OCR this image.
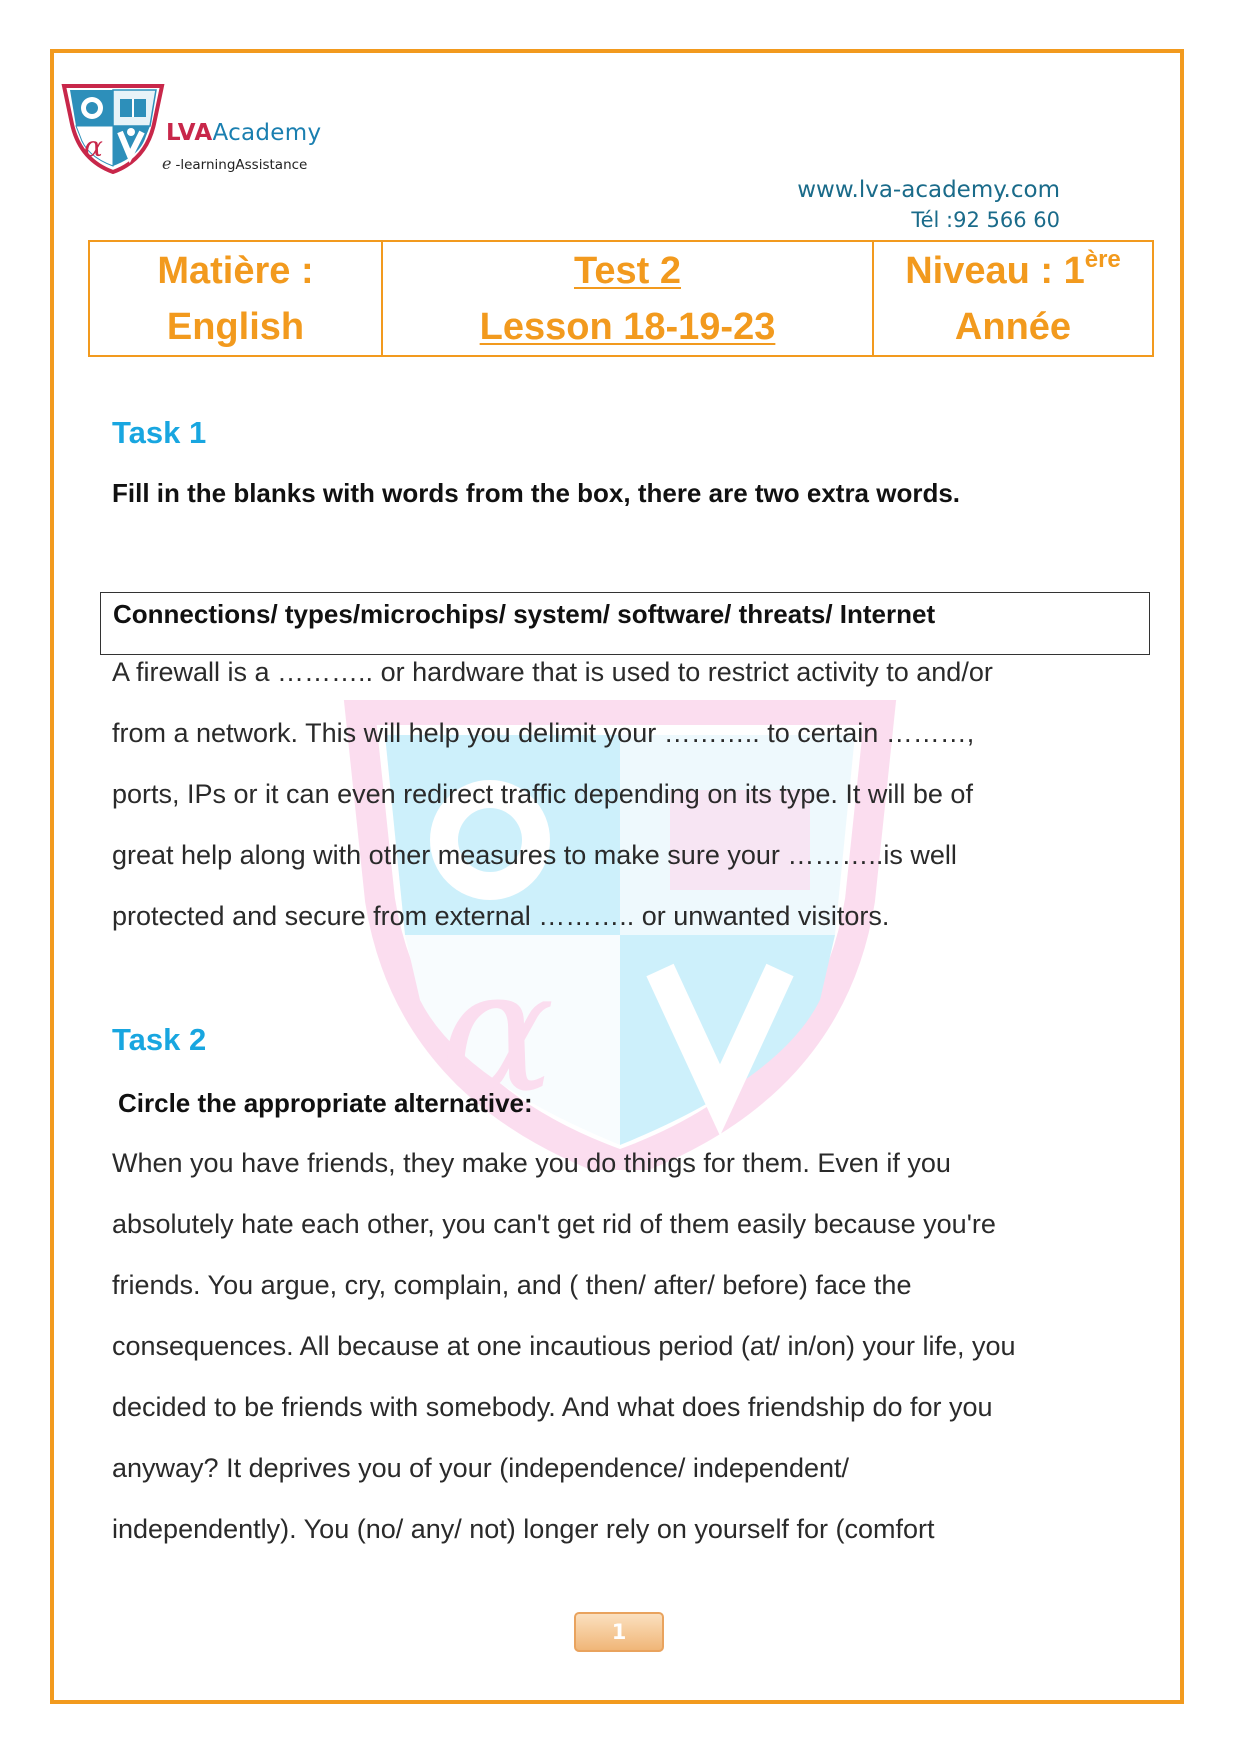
α	LVAAcademy
e -learningAssistance
www.lva-academy.com
Tél :92 566 60
Matière :
English
Test 2
Lesson 18-19-23
Niveau : 1ère
Année
α
Task 1
Fill in the blanks with words from the box, there are two extra words.
Connections/ types/microchips/ system/ software/ threats/ Internet

A firewall is a ……….. or hardware that is used to restrict activity to and/or

from a network. This will help you delimit your ……….. to certain ………,

ports, IPs or it can even redirect traffic depending on its type. It will be of

great help along with other measures to make sure your ………..is well

protected and secure from external ……….. or unwanted visitors.

Task 2
Circle the appropriate alternative:

When you have friends, they make you do things for them. Even if you

absolutely hate each other, you can't get rid of them easily because you're

friends. You argue, cry, complain, and ( then/ after/ before) face the

consequences. All because at one incautious period (at/ in/on) your life, you

decided to be friends with somebody. And what does friendship do for you

anyway? It deprives you of your (independence/ independent/

independently). You (no/ any/ not) longer rely on yourself for (comfort

1
